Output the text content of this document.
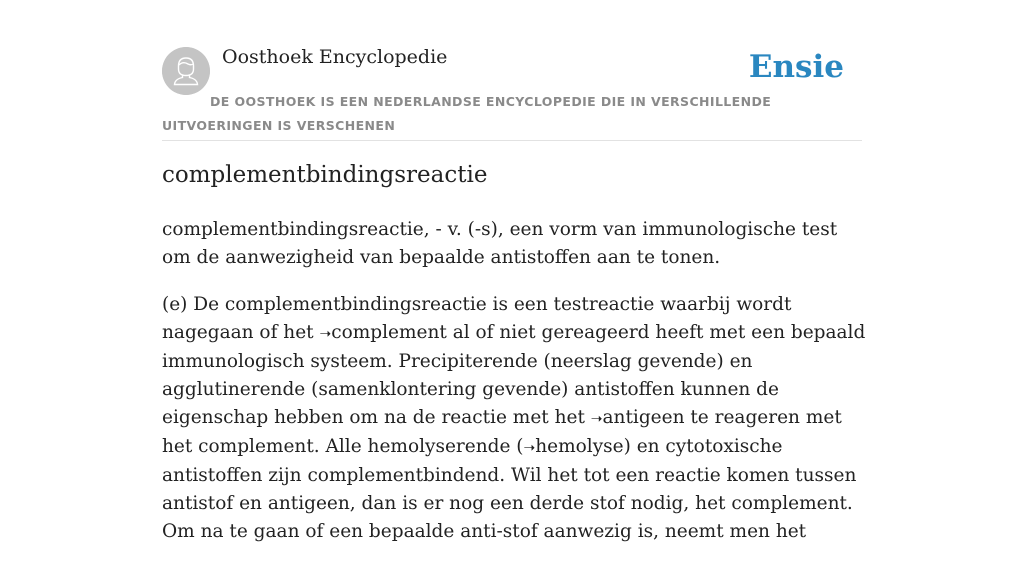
Oosthoek Encyclopedie	Ensie
DE OOSTHOEK IS EEN NEDERLANDSE ENCYCLOPEDIE DIE IN VERSCHILLENDE UITVOERINGEN IS VERSCHENEN
complementbindingsreactie

complementbindingsreactie, - v. (-s), een vorm van immunologische test om de aanwezigheid van bepaalde antistoffen aan te tonen.

(e) De complementbindingsreactie is een testreactie waarbij wordt nagegaan of het ➝complement al of niet gereageerd heeft met een bepaald immunologisch systeem. Precipiterende (neerslag gevende) en agglutinerende (samenklontering gevende) antistoffen kunnen de eigenschap hebben om na de reactie met het ➝antigeen te reageren met het complement. Alle hemolyserende (➝hemolyse) en cytotoxische antistoffen zijn complementbindend. Wil het tot een reactie komen tussen antistof en antigeen, dan is er nog een derde stof nodig, het complement. Om na te gaan of een bepaalde anti-stof aanwezig is, neemt men het
